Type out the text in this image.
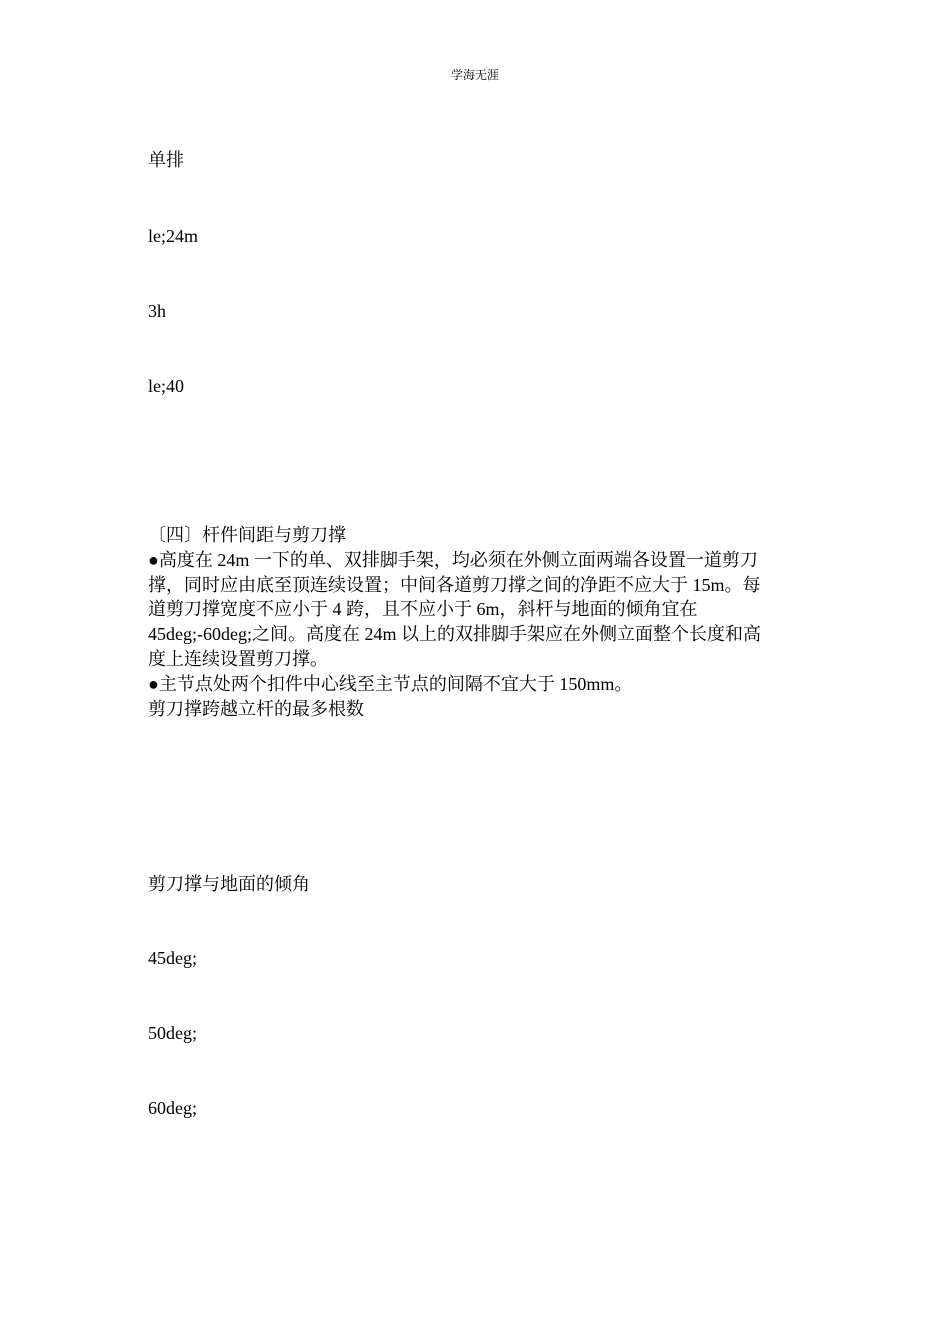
学海无涯
单排
le;24m
3h
le;40
〔四〕杆件间距与剪刀撑
●高度在 24m 一下的单、双排脚手架，均必须在外侧立面两端各设置一道剪刀
撑，同时应由底至顶连续设置；中间各道剪刀撑之间的净距不应大于 15m。每
道剪刀撑宽度不应小于 4 跨，且不应小于 6m，斜杆与地面的倾角宜在
45deg;-60deg;之间。高度在 24m 以上的双排脚手架应在外侧立面整个长度和高
度上连续设置剪刀撑。
●主节点处两个扣件中心线至主节点的间隔不宜大于 150mm。
剪刀撑跨越立杆的最多根数
剪刀撑与地面的倾角
45deg;
50deg;
60deg;
